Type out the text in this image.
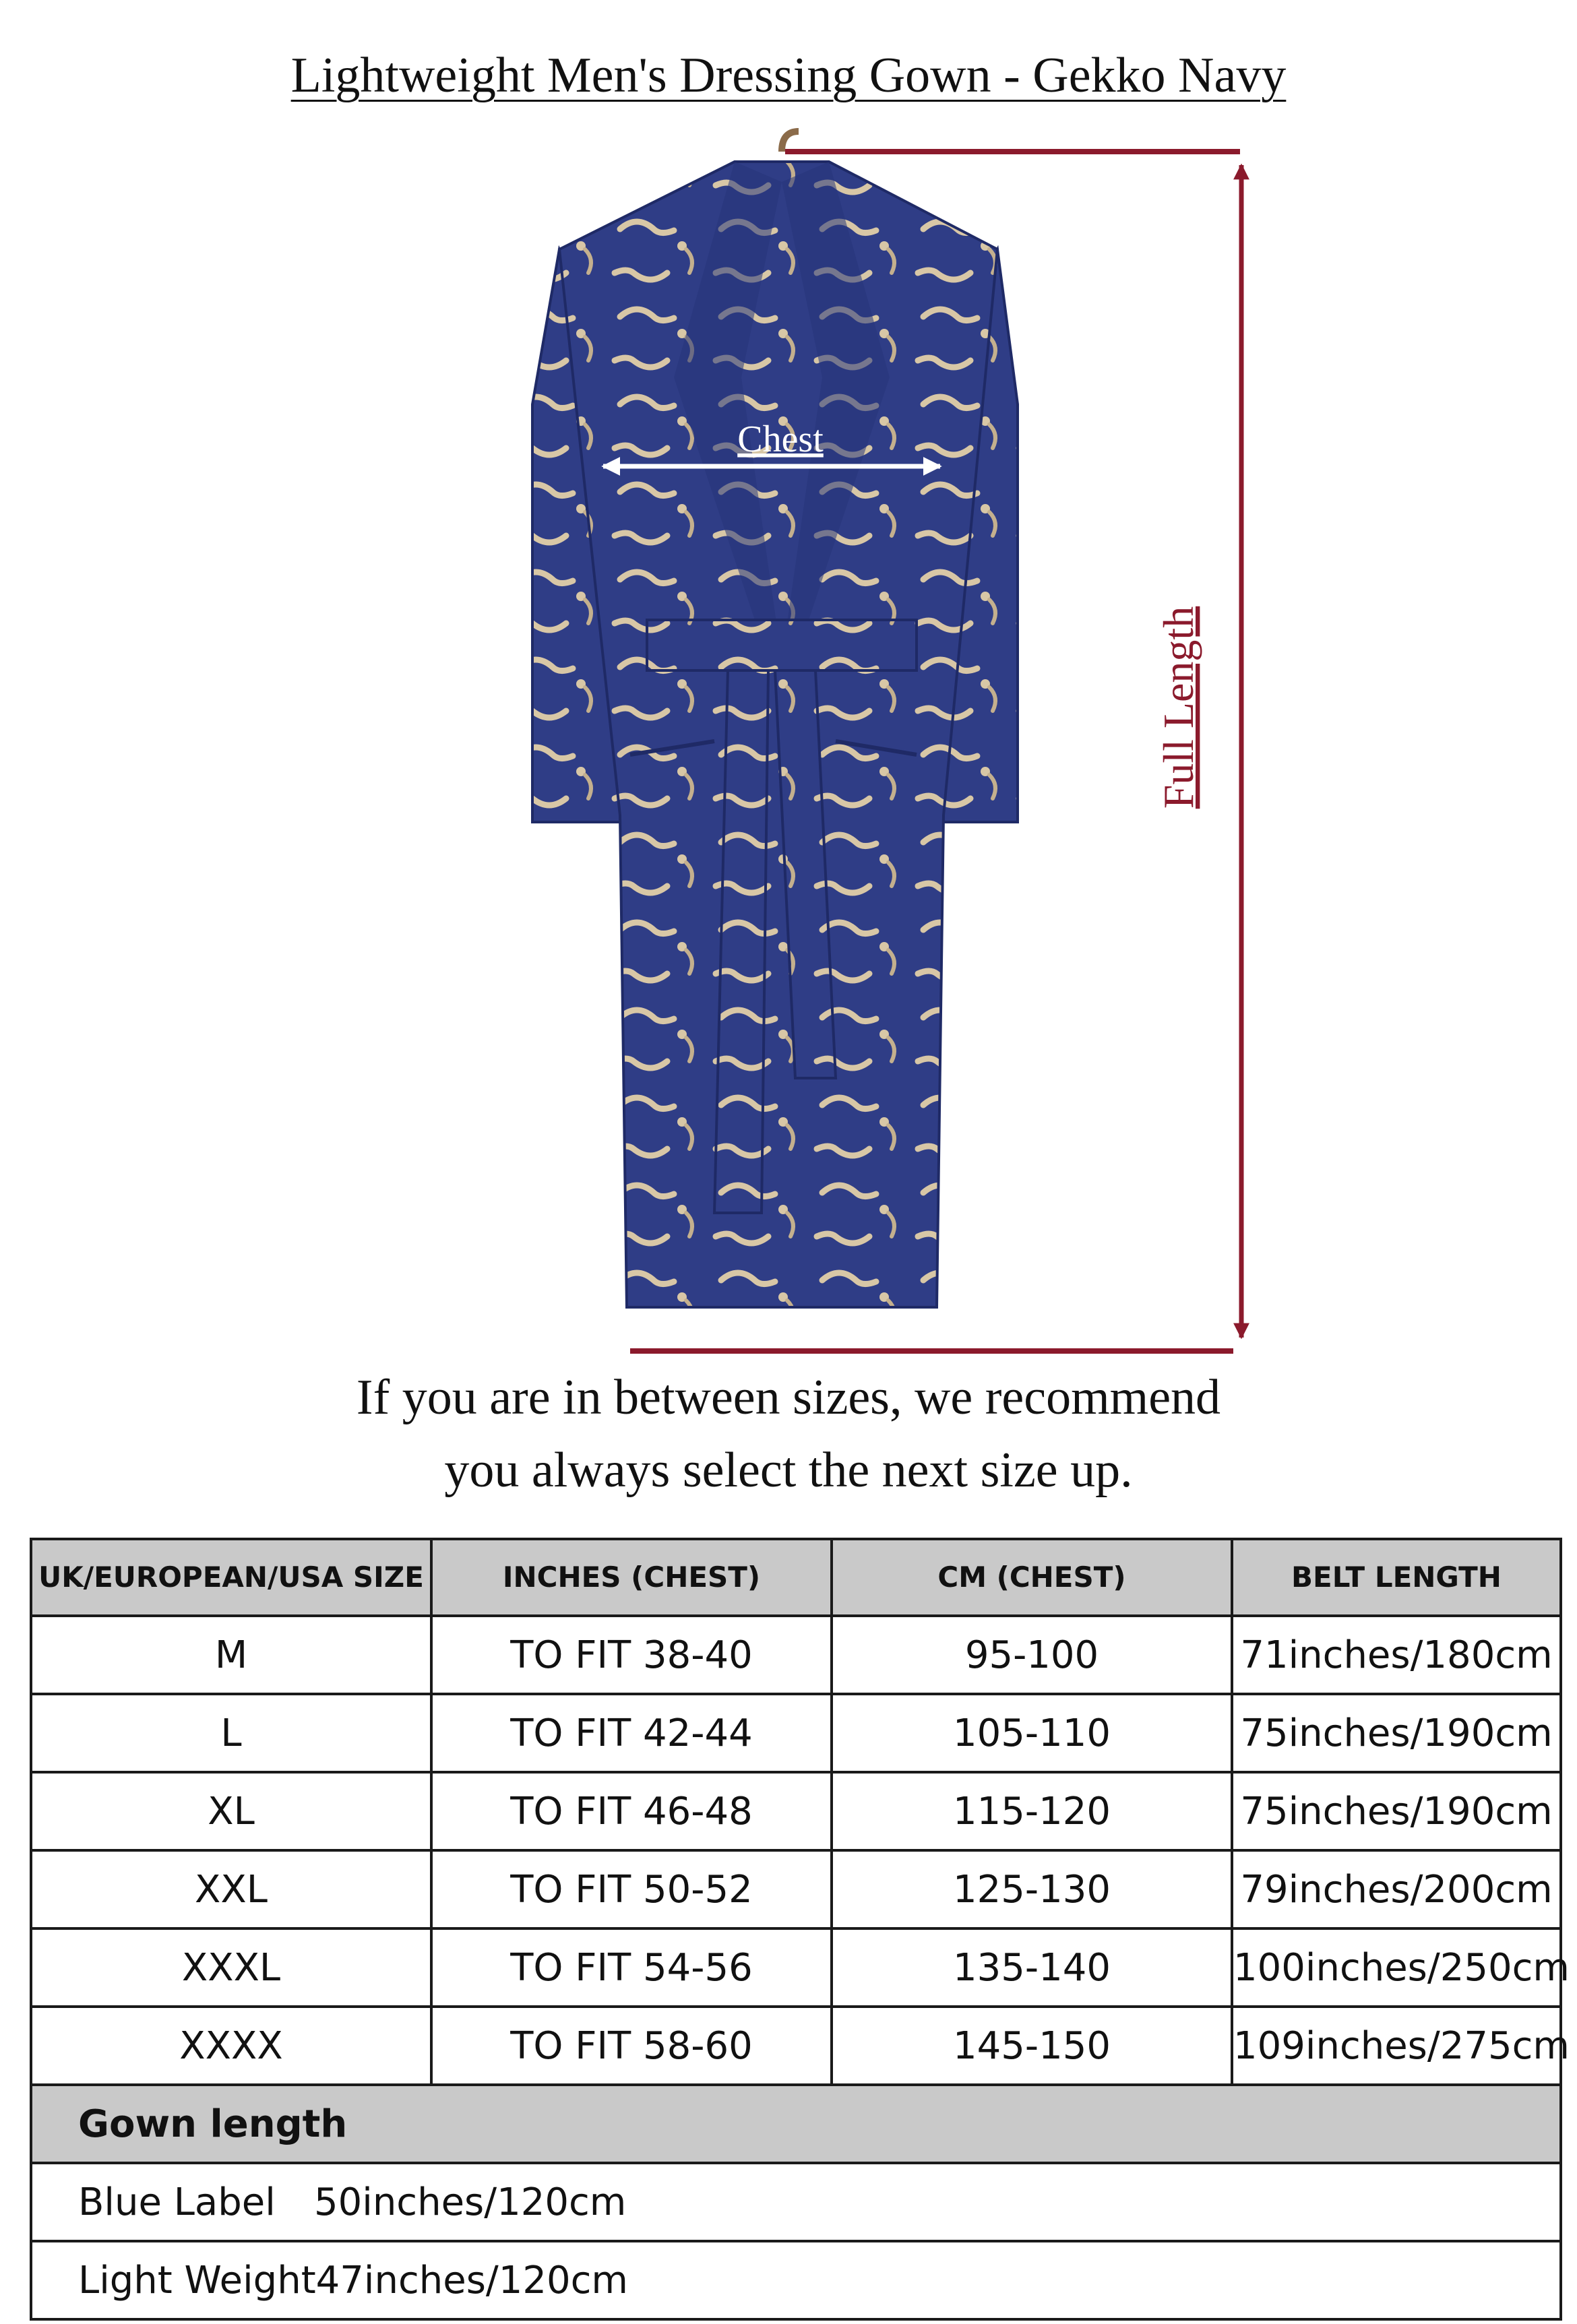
Lightweight Men's Dressing Gown - Gekko Navy
Chest
Full Length
If you are in between sizes, we recommend
you always select the next size up.
UK/EUROPEAN/USA SIZE	INCHES (CHEST)	CM (CHEST)	BELT LENGTH
M	TO FIT 38-40	95-100	71inches/180cm
L	TO FIT 42-44	105-110	75inches/190cm
XL	TO FIT 46-48	115-120	75inches/190cm
XXL	TO FIT 50-52	125-130	79inches/200cm
XXXL	TO FIT 54-56	135-140	100inches/250cm
XXXX	TO FIT 58-60	145-150	109inches/275cm
Gown length			
Blue Label 50inches/120cm			
Light Weight47inches/120cm			
